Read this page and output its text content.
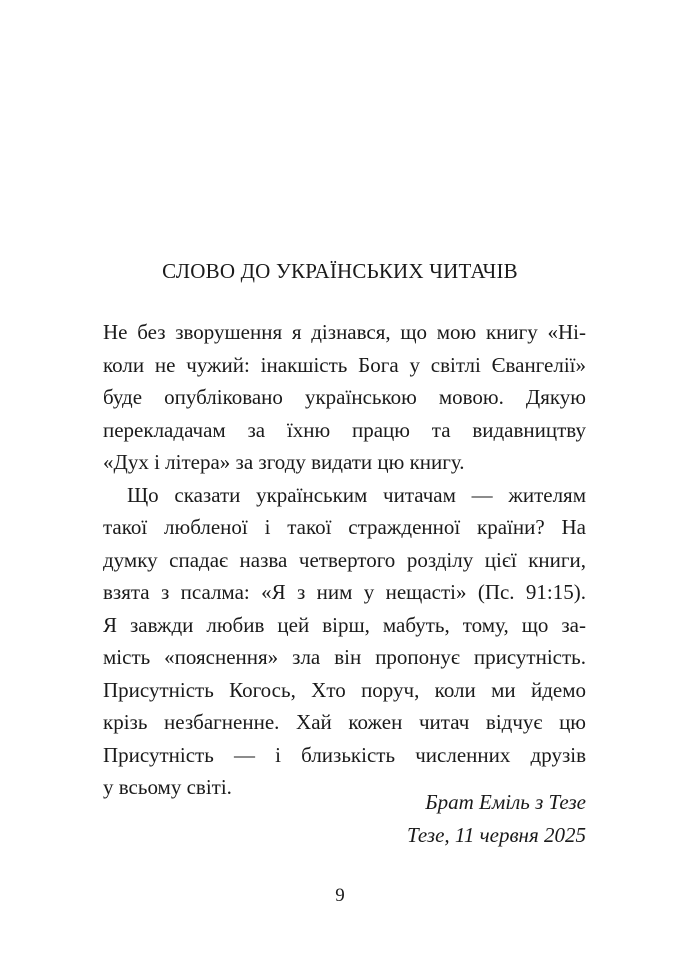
СЛОВО ДО УКРАЇНСЬКИХ ЧИТАЧІВ

Не без зворушення я дізнався, що мою книгу «Ні-
коли не чужий: інакшість Бога у світлі Євангелії»
буде опубліковано українською мовою. Дякую
перекладачам за їхню працю та видавництву
«Дух і літера» за згоду видати цю книгу.

Що сказати українським читачам — жителям
такої любленої і такої стражденної країни? На
думку спадає назва четвертого розділу цієї книги,
взята з псалма: «Я з ним у нещасті» (Пс. 91:15).
Я завжди любив цей вірш, мабуть, тому, що за-
мість «пояснення» зла він пропонує присутність.
Присутність Когось, Хто поруч, коли ми йдемо
крізь незбагненне. Хай кожен читач відчує цю
Присутність — і близькість численних друзів
у всьому світі.

Брат Еміль з Тезе
Тезе, 11 червня 2025
9
